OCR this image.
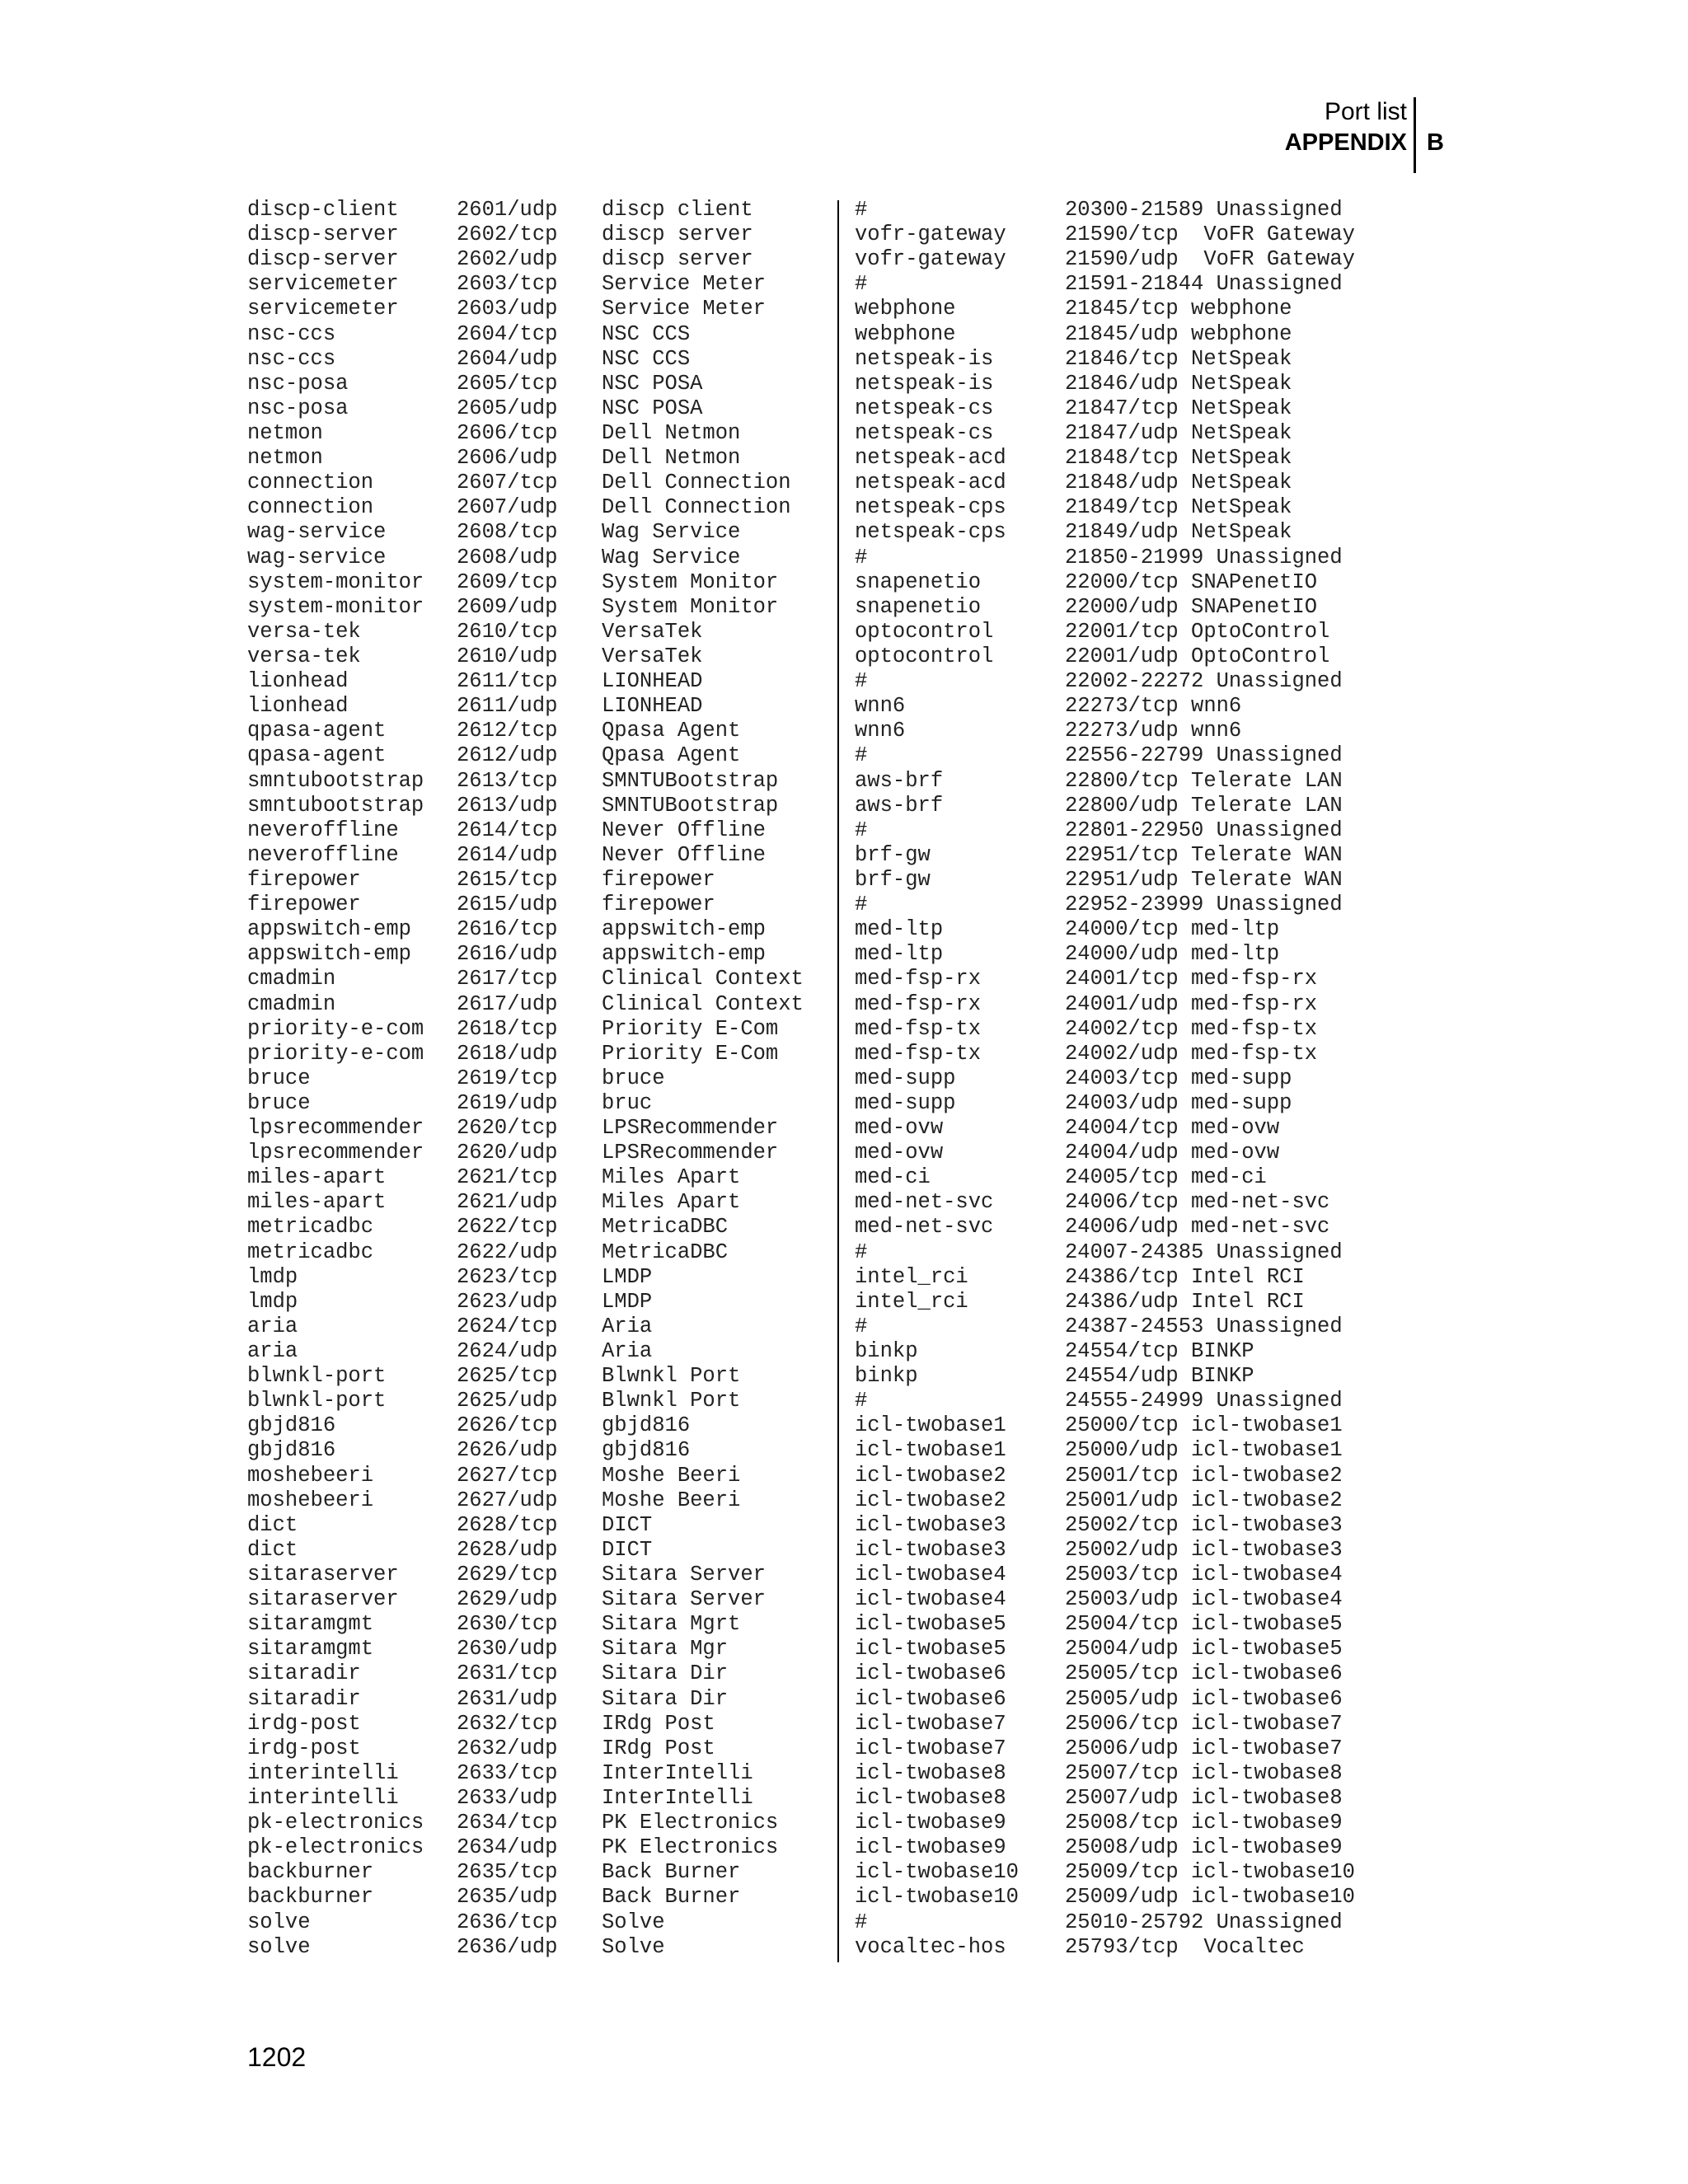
Port list
APPENDIX B
discp-client	2601/udp discp client
discp-server	2602/tcp discp server
discp-server	2602/udp discp server
servicemeter	2603/tcp Service Meter
servicemeter	2603/udp Service Meter
nsc-ccs	2604/tcp NSC CCS
nsc-ccs	2604/udp NSC CCS
nsc-posa	2605/tcp NSC POSA
nsc-posa	2605/udp NSC POSA
netmon	2606/tcp Dell Netmon
netmon	2606/udp Dell Netmon
connection	2607/tcp Dell Connection
connection	2607/udp Dell Connection
wag-service	2608/tcp Wag Service
wag-service	2608/udp Wag Service
system-monitor 2609/tcp System Monitor
system-monitor 2609/udp System Monitor
versa-tek	2610/tcp VersaTek
versa-tek	2610/udp VersaTek
lionhead	2611/tcp LIONHEAD
lionhead	2611/udp LIONHEAD
qpasa-agent	2612/tcp Qpasa Agent
qpasa-agent	2612/udp Qpasa Agent
smntubootstrap 2613/tcp SMNTUBootstrap
smntubootstrap 2613/udp SMNTUBootstrap
neveroffline	2614/tcp Never Offline
neveroffline	2614/udp Never Offline
firepower	2615/tcp firepower
firepower	2615/udp firepower
appswitch-emp 2616/tcp appswitch-emp
appswitch-emp 2616/udp appswitch-emp
cmadmin	2617/tcp Clinical Context
cmadmin	2617/udp Clinical Context
priority-e-com 2618/tcp Priority E-Com
priority-e-com 2618/udp Priority E-Com
bruce	2619/tcp bruce
bruce	2619/udp bruc
lpsrecommender 2620/tcp LPSRecommender
lpsrecommender 2620/udp LPSRecommender
miles-apart	2621/tcp Miles Apart
miles-apart	2621/udp Miles Apart
metricadbc	2622/tcp MetricaDBC
metricadbc	2622/udp MetricaDBC
lmdp	2623/tcp LMDP
lmdp	2623/udp LMDP
aria	2624/tcp Aria
aria	2624/udp Aria
blwnkl-port	2625/tcp Blwnkl Port
blwnkl-port	2625/udp Blwnkl Port
gbjd816	2626/tcp gbjd816
gbjd816	2626/udp gbjd816
moshebeeri	2627/tcp Moshe Beeri
moshebeeri	2627/udp Moshe Beeri
dict	2628/tcp DICT
dict	2628/udp DICT
sitaraserver	2629/tcp Sitara Server
sitaraserver	2629/udp Sitara Server
sitaramgmt	2630/tcp Sitara Mgrt
sitaramgmt	2630/udp Sitara Mgr
sitaradir	2631/tcp Sitara Dir
sitaradir	2631/udp Sitara Dir
irdg-post	2632/tcp IRdg Post
irdg-post	2632/udp IRdg Post
interintelli	2633/tcp InterIntelli
interintelli	2633/udp InterIntelli
pk-electronics 2634/tcp PK Electronics
pk-electronics 2634/udp PK Electronics
backburner	2635/tcp Back Burner
backburner	2635/udp Back Burner
solve	2636/tcp Solve
solve	2636/udp Solve
#	20300-21589 Unassigned
vofr-gateway	21590/tcp  VoFR Gateway
vofr-gateway	21590/udp  VoFR Gateway
#	21591-21844 Unassigned
webphone	21845/tcp webphone
webphone	21845/udp webphone
netspeak-is	21846/tcp NetSpeak
netspeak-is	21846/udp NetSpeak
netspeak-cs	21847/tcp NetSpeak
netspeak-cs	21847/udp NetSpeak
netspeak-acd	21848/tcp NetSpeak
netspeak-acd	21848/udp NetSpeak
netspeak-cps	21849/tcp NetSpeak
netspeak-cps	21849/udp NetSpeak
#	21850-21999 Unassigned
snapenetio	22000/tcp SNAPenetIO
snapenetio	22000/udp SNAPenetIO
optocontrol	22001/tcp OptoControl
optocontrol	22001/udp OptoControl
#	22002-22272 Unassigned
wnn6	22273/tcp wnn6
wnn6	22273/udp wnn6
#	22556-22799 Unassigned
aws-brf	22800/tcp Telerate LAN
aws-brf	22800/udp Telerate LAN
#	22801-22950 Unassigned
brf-gw	22951/tcp Telerate WAN
brf-gw	22951/udp Telerate WAN
#	22952-23999 Unassigned
med-ltp	24000/tcp med-ltp
med-ltp	24000/udp med-ltp
med-fsp-rx	24001/tcp med-fsp-rx
med-fsp-rx	24001/udp med-fsp-rx
med-fsp-tx	24002/tcp med-fsp-tx
med-fsp-tx	24002/udp med-fsp-tx
med-supp	24003/tcp med-supp
med-supp	24003/udp med-supp
med-ovw	24004/tcp med-ovw
med-ovw	24004/udp med-ovw
med-ci	24005/tcp med-ci
med-net-svc	24006/tcp med-net-svc
med-net-svc	24006/udp med-net-svc
#	24007-24385 Unassigned
intel_rci	24386/tcp Intel RCI
intel_rci	24386/udp Intel RCI
#	24387-24553 Unassigned
binkp	24554/tcp BINKP
binkp	24554/udp BINKP
#	24555-24999 Unassigned
icl-twobase1	25000/tcp icl-twobase1
icl-twobase1	25000/udp icl-twobase1
icl-twobase2	25001/tcp icl-twobase2
icl-twobase2	25001/udp icl-twobase2
icl-twobase3	25002/tcp icl-twobase3
icl-twobase3	25002/udp icl-twobase3
icl-twobase4	25003/tcp icl-twobase4
icl-twobase4	25003/udp icl-twobase4
icl-twobase5	25004/tcp icl-twobase5
icl-twobase5	25004/udp icl-twobase5
icl-twobase6	25005/tcp icl-twobase6
icl-twobase6	25005/udp icl-twobase6
icl-twobase7	25006/tcp icl-twobase7
icl-twobase7	25006/udp icl-twobase7
icl-twobase8	25007/tcp icl-twobase8
icl-twobase8	25007/udp icl-twobase8
icl-twobase9	25008/tcp icl-twobase9
icl-twobase9	25008/udp icl-twobase9
icl-twobase10 25009/tcp icl-twobase10
icl-twobase10 25009/udp icl-twobase10
#	25010-25792 Unassigned
vocaltec-hos	25793/tcp  Vocaltec
1202
